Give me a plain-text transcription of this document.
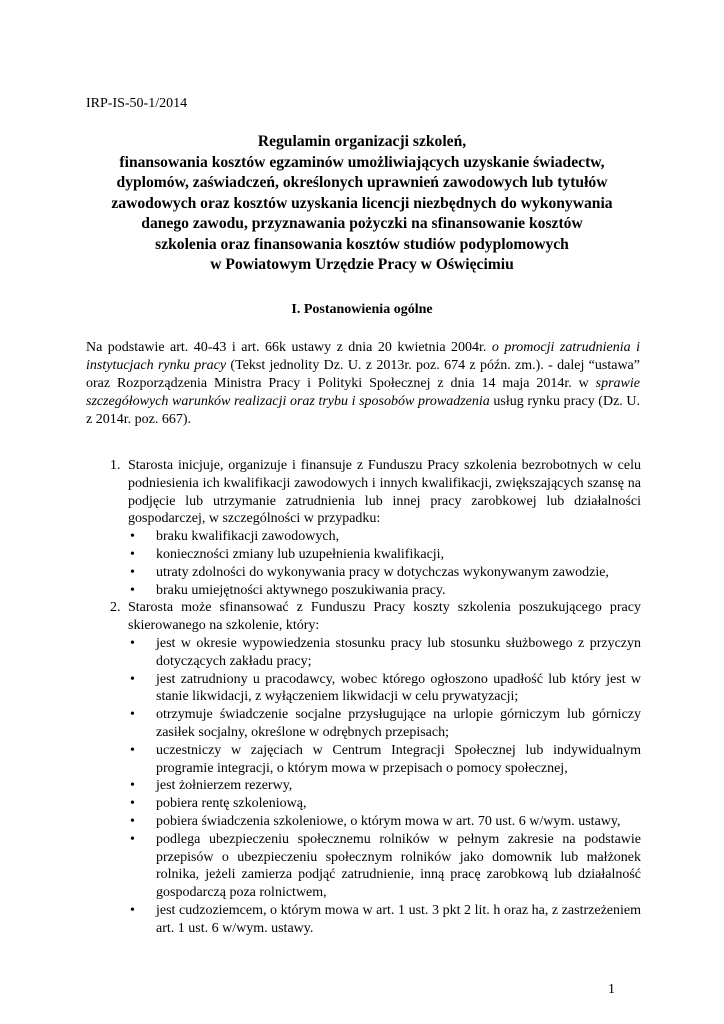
IRP-IS-50-1/2014
Regulamin organizacji szkoleń,
finansowania kosztów egzaminów umożliwiających uzyskanie świadectw,
dyplomów, zaświadczeń, określonych uprawnień zawodowych lub tytułów
zawodowych oraz kosztów uzyskania licencji niezbędnych do wykonywania
danego zawodu, przyznawania pożyczki na sfinansowanie kosztów
szkolenia oraz finansowania kosztów studiów podyplomowych
w Powiatowym Urzędzie Pracy w Oświęcimiu
I. Postanowienia ogólne
Na podstawie art. 40-43 i art. 66k ustawy z dnia 20 kwietnia 2004r. o promocji zatrudnienia i instytucjach rynku pracy (Tekst jednolity Dz. U. z 2013r. poz. 674 z późn. zm.). - dalej “ustawa” oraz Rozporządzenia Ministra Pracy i Polityki Społecznej z dnia 14 maja 2014r. w sprawie szczegółowych warunków realizacji oraz trybu i sposobów prowadzenia usług rynku pracy (Dz. U. z 2014r. poz. 667).
1. Starosta inicjuje, organizuje i finansuje z Funduszu Pracy szkolenia bezrobotnych w celu podniesienia ich kwalifikacji zawodowych i innych kwalifikacji, zwiększających szansę na podjęcie lub utrzymanie zatrudnienia lub innej pracy zarobkowej lub działalności gospodarczej, w szczególności w przypadku:
• braku kwalifikacji zawodowych,
• konieczności zmiany lub uzupełnienia kwalifikacji,
• utraty zdolności do wykonywania pracy w dotychczas wykonywanym zawodzie,
• braku umiejętności aktywnego poszukiwania pracy.
2. Starosta może sfinansować z Funduszu Pracy koszty szkolenia poszukującego pracy skierowanego na szkolenie, który:
• jest w okresie wypowiedzenia stosunku pracy lub stosunku służbowego z przyczyn dotyczących zakładu pracy;
• jest zatrudniony u pracodawcy, wobec którego ogłoszono upadłość lub który jest w stanie likwidacji, z wyłączeniem likwidacji w celu prywatyzacji;
• otrzymuje świadczenie socjalne przysługujące na urlopie górniczym lub górniczy zasiłek socjalny, określone w odrębnych przepisach;
• uczestniczy w zajęciach w Centrum Integracji Społecznej lub indywidualnym programie integracji, o którym mowa w przepisach o pomocy społecznej,
• jest żołnierzem rezerwy,
• pobiera rentę szkoleniową,
• pobiera świadczenia szkoleniowe, o którym mowa w art. 70 ust. 6 w/wym. ustawy,
• podlega ubezpieczeniu społecznemu rolników w pełnym zakresie na podstawie przepisów o ubezpieczeniu społecznym rolników jako domownik lub małżonek rolnika, jeżeli zamierza podjąć zatrudnienie, inną pracę zarobkową lub działalność gospodarczą poza rolnictwem,
• jest cudzoziemcem, o którym mowa w art. 1 ust. 3 pkt 2 lit. h oraz ha, z zastrzeżeniem art. 1 ust. 6 w/wym. ustawy.
1
